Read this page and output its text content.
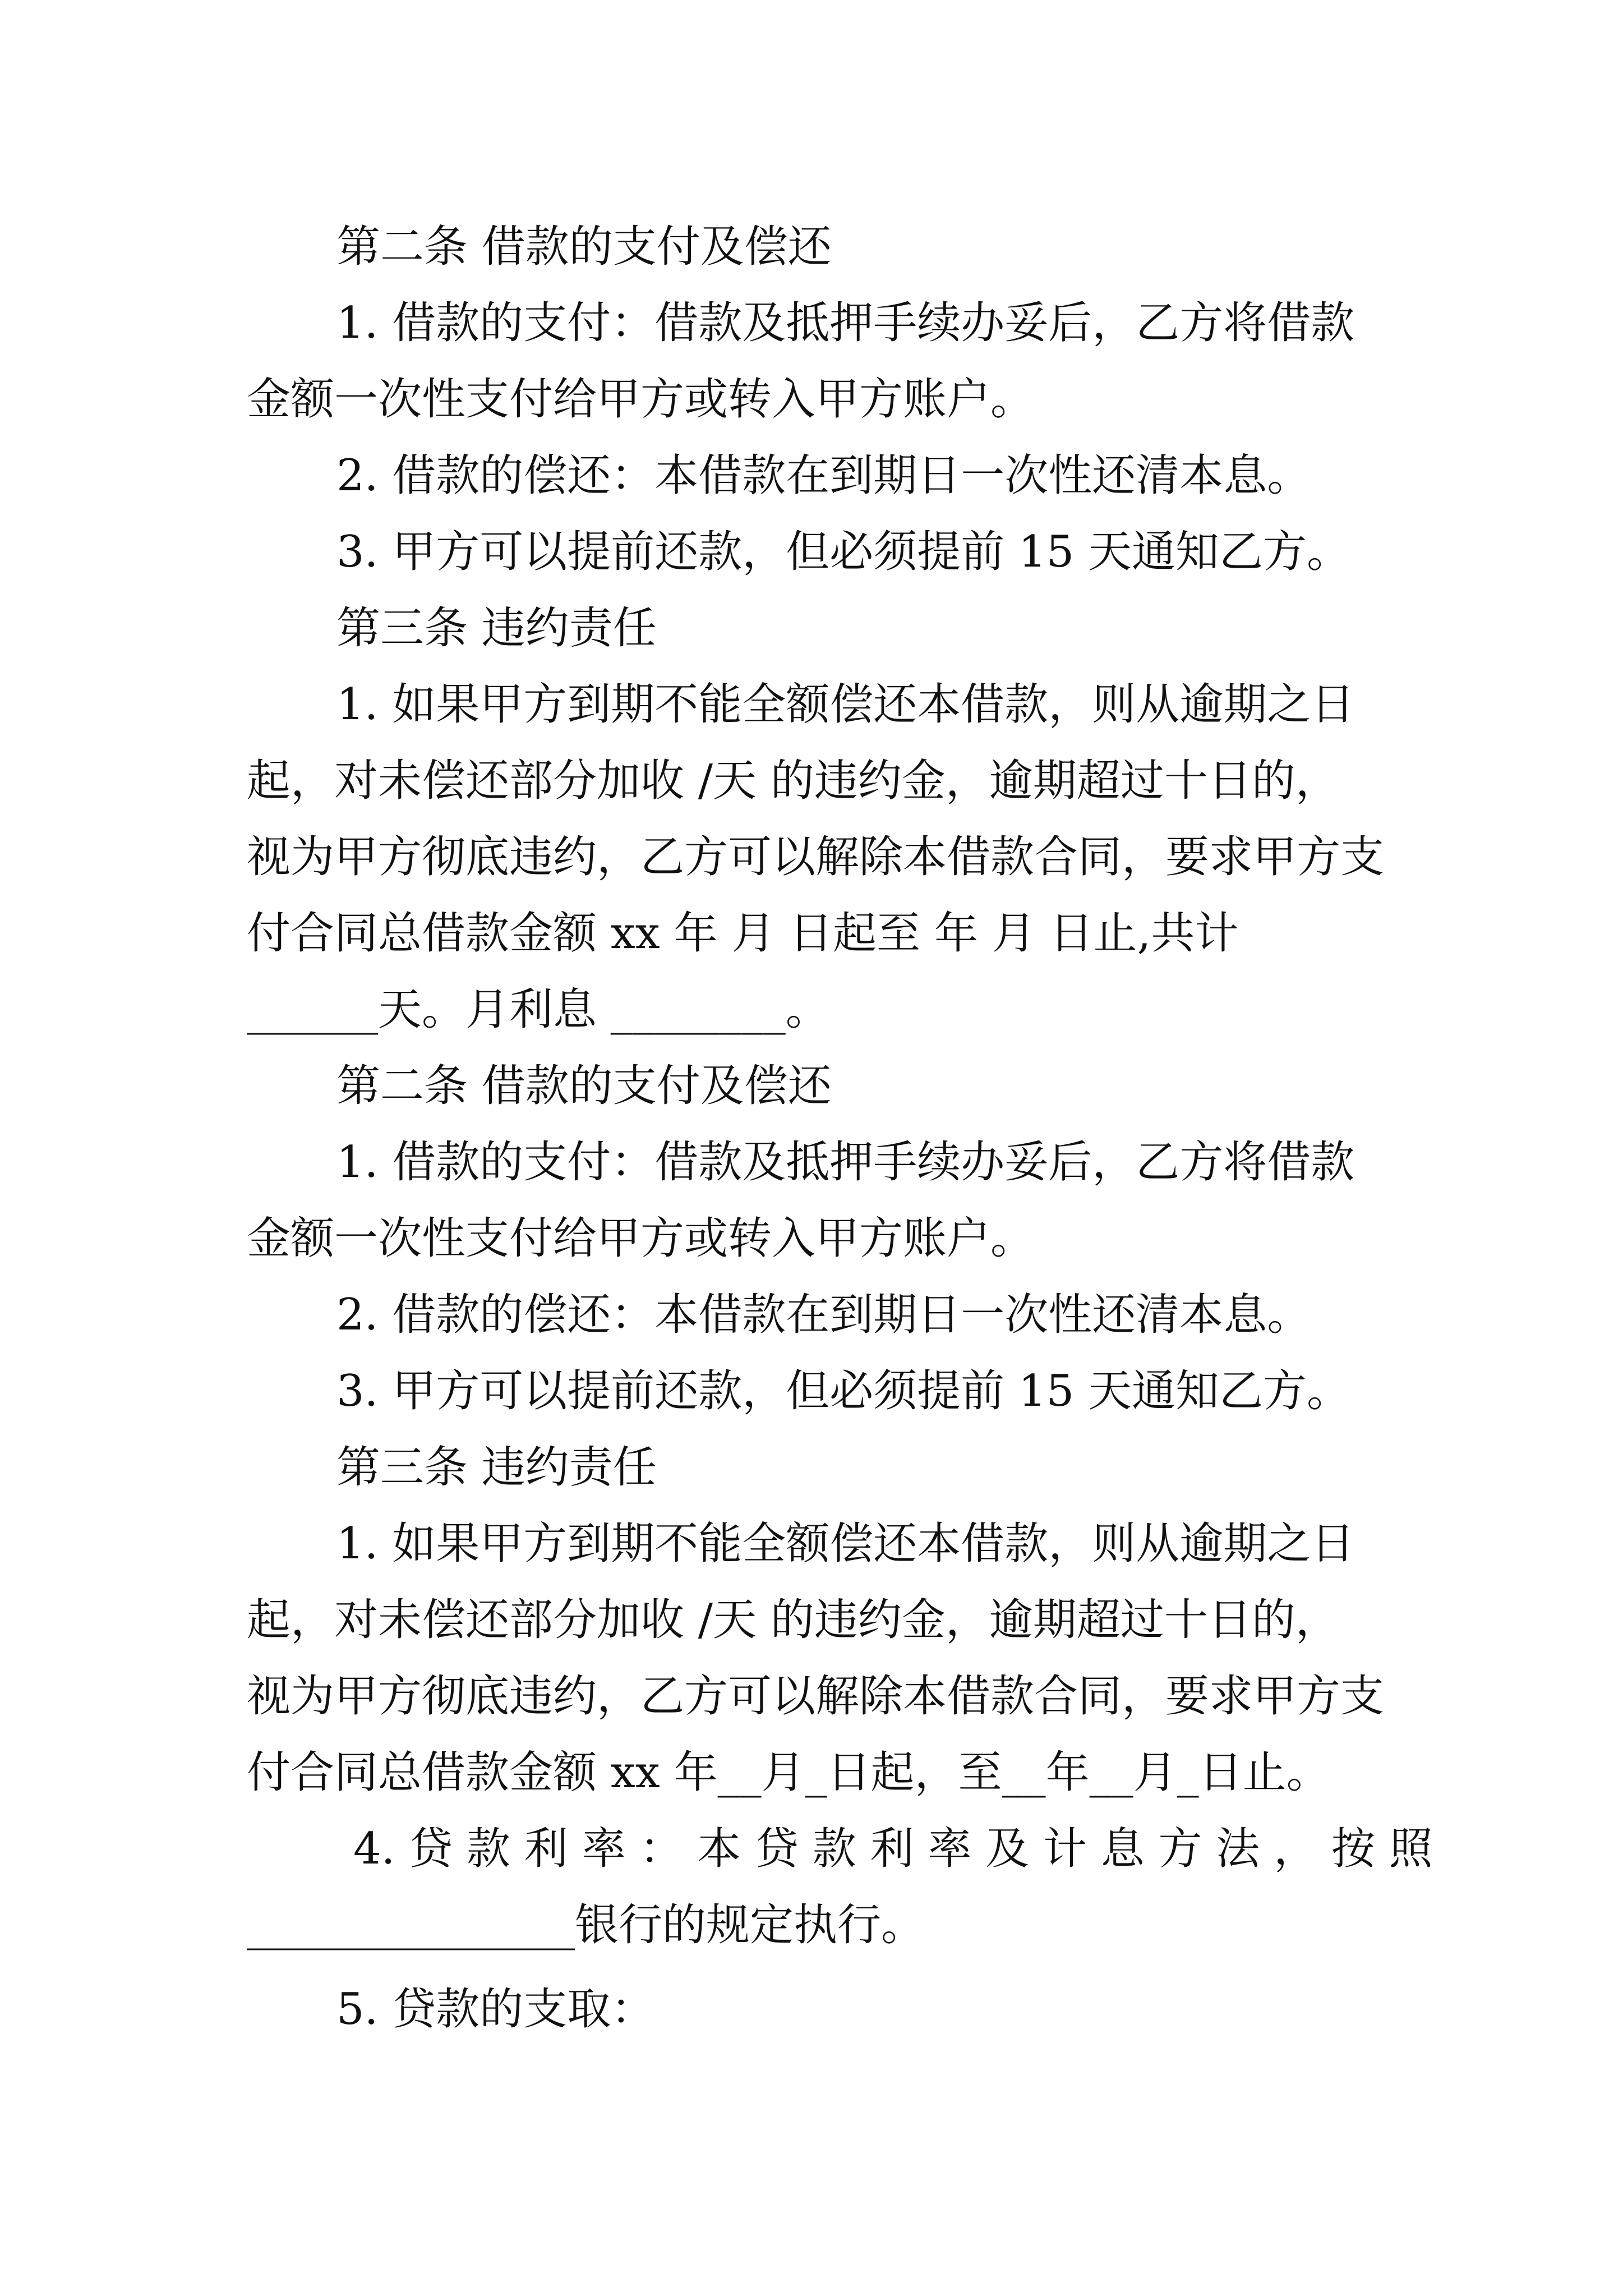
第二条 借款的支付及偿还
1. 借款的支付：借款及抵押手续办妥后，乙方将借款
金额一次性支付给甲方或转入甲方账户。
2. 借款的偿还：本借款在到期日一次性还清本息。
3. 甲方可以提前还款，但必须提前 15 天通知乙方。
第三条 违约责任
1. 如果甲方到期不能全额偿还本借款，则从逾期之日
起，对未偿还部分加收 /天 的违约金，逾期超过十日的，
视为甲方彻底违约，乙方可以解除本借款合同，要求甲方支
付合同总借款金额 xx 年 月 日起至 年 月 日止,共计
______天。月利息 ________。
第二条 借款的支付及偿还
1. 借款的支付：借款及抵押手续办妥后，乙方将借款
金额一次性支付给甲方或转入甲方账户。
2. 借款的偿还：本借款在到期日一次性还清本息。
3. 甲方可以提前还款，但必须提前 15 天通知乙方。
第三条 违约责任
1. 如果甲方到期不能全额偿还本借款，则从逾期之日
起，对未偿还部分加收 /天 的违约金，逾期超过十日的，
视为甲方彻底违约，乙方可以解除本借款合同，要求甲方支
付合同总借款金额 xx 年__月_日起，至__年__月_日止。
4. 贷 款 利 率 ： 本 贷 款 利 率 及 计 息 方 法 ， 按 照
_______________银行的规定执行。
5. 贷款的支取：
